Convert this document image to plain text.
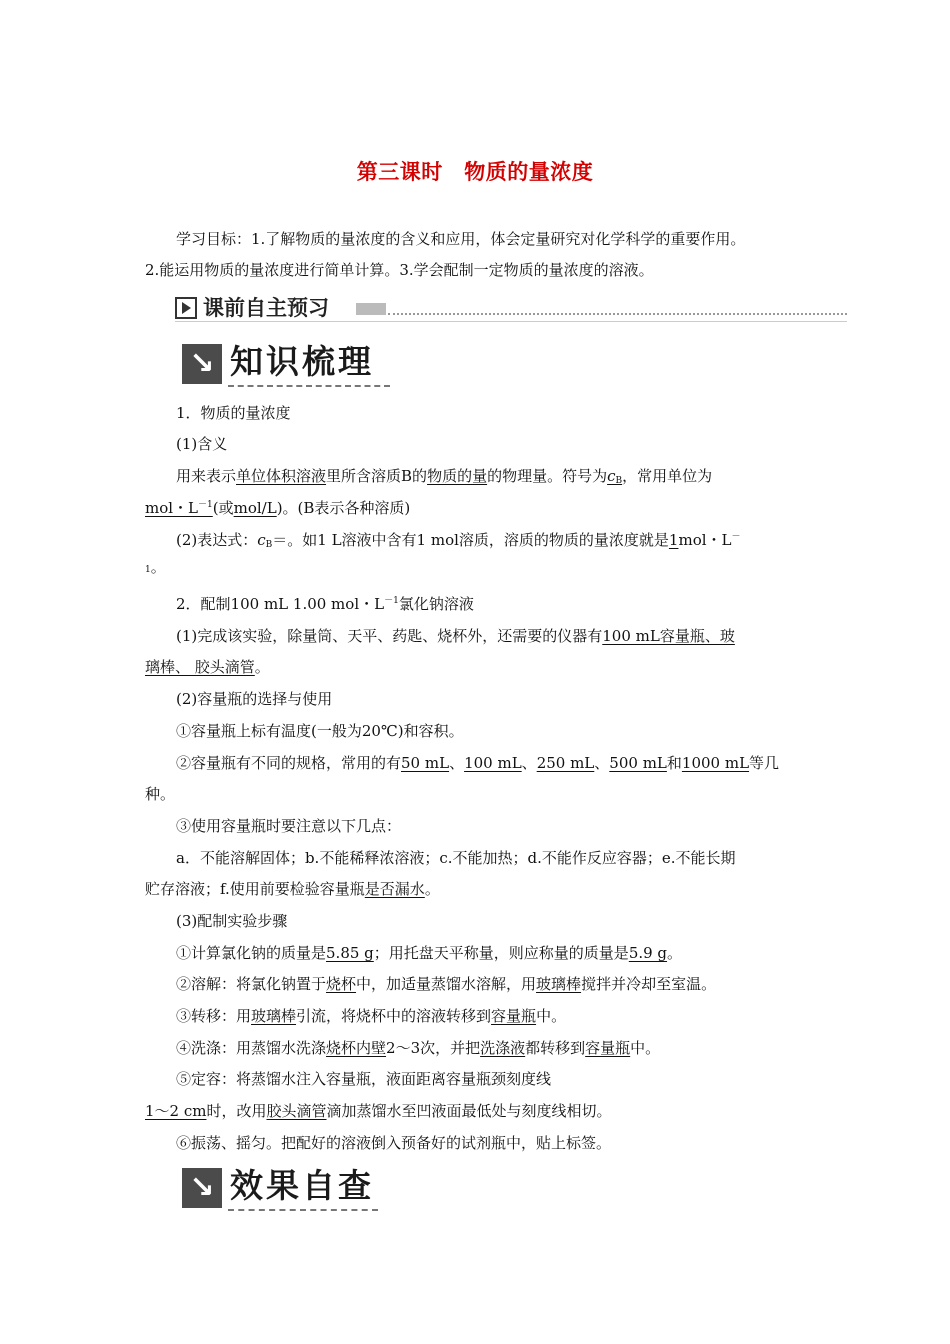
第三课时　物质的量浓度
学习目标：1.了解物质的量浓度的含义和应用，体会定量研究对化学科学的重要作用。
2.能运用物质的量浓度进行简单计算。3.学会配制一定物质的量浓度的溶液。
课前自主预习
↘ 知识梳理
1．物质的量浓度
(1)含义
用来表示单位体积溶液里所含溶质B的物质的量的物理量。符号为$c_B$，常用单位为
mol・$L^{-1}$(或mol/L)。(B表示各种溶质)
(2)表达式：$c_B=$。如1 L溶液中含有1 mol溶质，溶质的物质的量浓度就是1mol・L－
1。
2．配制100 mL 1.00 mol・$L^{-1}$氯化钠溶液
(1)完成该实验，除量筒、天平、药匙、烧杯外，还需要的仪器有100 mL容量瓶、玻
璃棒、 胶头滴管。
(2)容量瓶的选择与使用
①容量瓶上标有温度(一般为20℃)和容积。
②容量瓶有不同的规格，常用的有50 mL、100 mL、250 mL、500 mL和1000 mL等几
种。
③使用容量瓶时要注意以下几点：
a．不能溶解固体；b.不能稀释浓溶液；c.不能加热；d.不能作反应容器；e.不能长期
贮存溶液；f.使用前要检验容量瓶是否漏水。
(3)配制实验步骤
①计算氯化钠的质量是5.85 g；用托盘天平称量，则应称量的质量是5.9 g。
②溶解：将氯化钠置于烧杯中，加适量蒸馏水溶解，用玻璃棒搅拌并冷却至室温。
③转移：用玻璃棒引流，将烧杯中的溶液转移到容量瓶中。
④洗涤：用蒸馏水洗涤烧杯内壁2～3次，并把洗涤液都转移到容量瓶中。
⑤定容：将蒸馏水注入容量瓶，液面距离容量瓶颈刻度线
1～2 cm时，改用胶头滴管滴加蒸馏水至凹液面最低处与刻度线相切。
⑥振荡、摇匀。把配好的溶液倒入预备好的试剂瓶中，贴上标签。
↘ 效果自查
